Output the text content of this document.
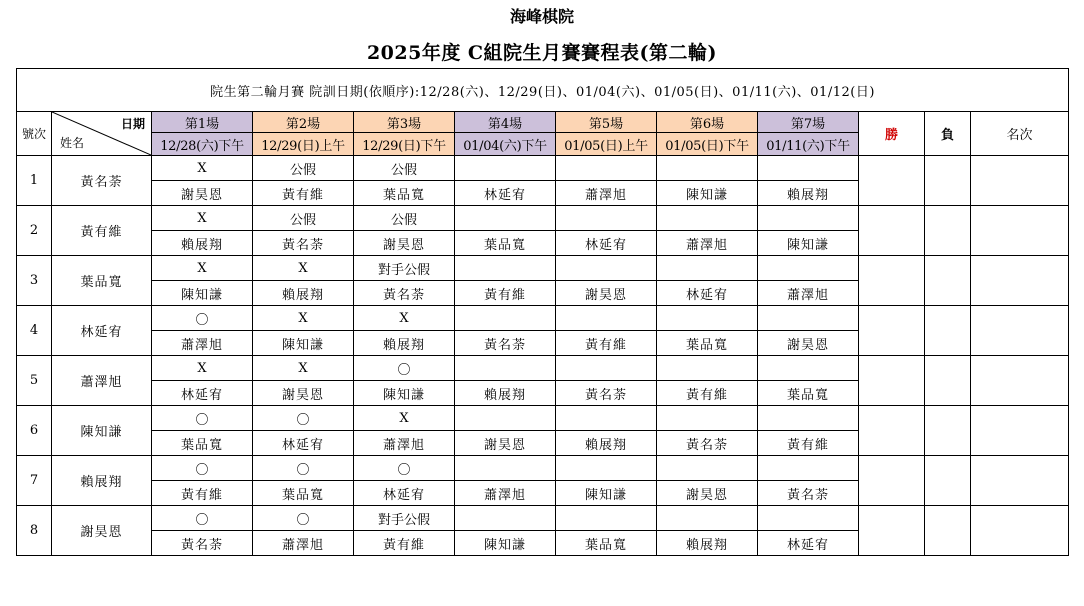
海峰棋院
2025年度 C組院生月賽賽程表(第二輪)
院生第二輪月賽 院訓日期(依順序):12/28(六)、12/29(日)、01/04(六)、01/05(日)、01/11(六)、01/12(日)											
號次	日期
姓名	第1場	第2場	第3場	第4場	第5場	第6場	第7場	勝	負	名次
		12/28(六)下午	12/29(日)上午	12/29(日)下午	01/04(六)下午	01/05(日)上午	01/05(日)下午	01/11(六)下午			
1	黃名荼	X	公假	公假							
		謝昊恩	黃有維	葉品寬	林延宥	蕭澤旭	陳知謙	賴展翔			
2	黃有維	X	公假	公假							
		賴展翔	黃名荼	謝昊恩	葉品寬	林延宥	蕭澤旭	陳知謙			
3	葉品寬	X	X	對手公假							
		陳知謙	賴展翔	黃名荼	黃有維	謝昊恩	林延宥	蕭澤旭			
4	林延宥	〇	X	X							
		蕭澤旭	陳知謙	賴展翔	黃名荼	黃有維	葉品寬	謝昊恩			
5	蕭澤旭	X	X	〇							
		林延宥	謝昊恩	陳知謙	賴展翔	黃名荼	黃有維	葉品寬			
6	陳知謙	〇	〇	X							
		葉品寬	林延宥	蕭澤旭	謝昊恩	賴展翔	黃名荼	黃有維			
7	賴展翔	〇	〇	〇							
		黃有維	葉品寬	林延宥	蕭澤旭	陳知謙	謝昊恩	黃名荼			
8	謝昊恩	〇	〇	對手公假							
		黃名荼	蕭澤旭	黃有維	陳知謙	葉品寬	賴展翔	林延宥			
